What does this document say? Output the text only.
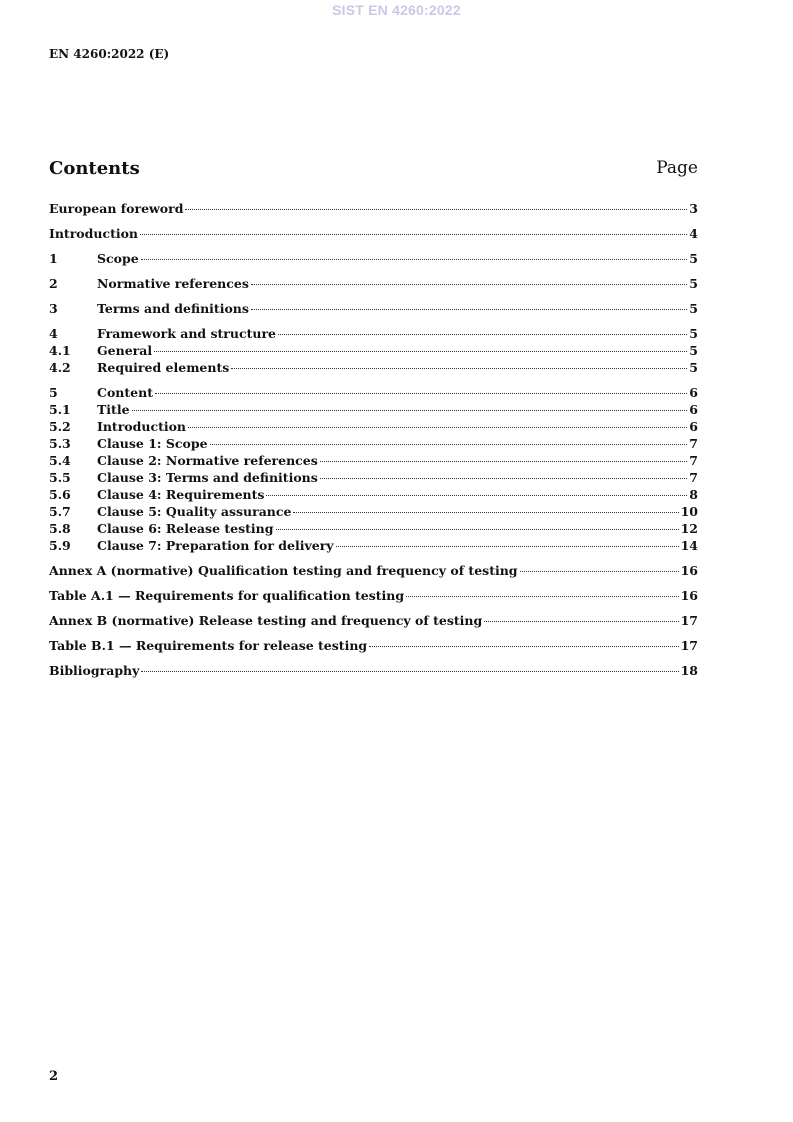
SIST EN 4260:2022
EN 4260:2022 (E)
Contents	Page
European foreword	3
Introduction	4
1	Scope	5
2	Normative references	5
3	Terms and definitions	5
4	Framework and structure	5
4.1	General	5
4.2	Required elements	5
5	Content	6
5.1	Title	6
5.2	Introduction	6
5.3	Clause 1: Scope	7
5.4	Clause 2: Normative references	7
5.5	Clause 3: Terms and definitions	7
5.6	Clause 4: Requirements	8
5.7	Clause 5: Quality assurance	10
5.8	Clause 6: Release testing	12
5.9	Clause 7: Preparation for delivery	14
Annex A (normative) Qualification testing and frequency of testing	16
Table A.1 — Requirements for qualification testing	16
Annex B (normative) Release testing and frequency of testing	17
Table B.1 — Requirements for release testing	17
Bibliography	18
2
